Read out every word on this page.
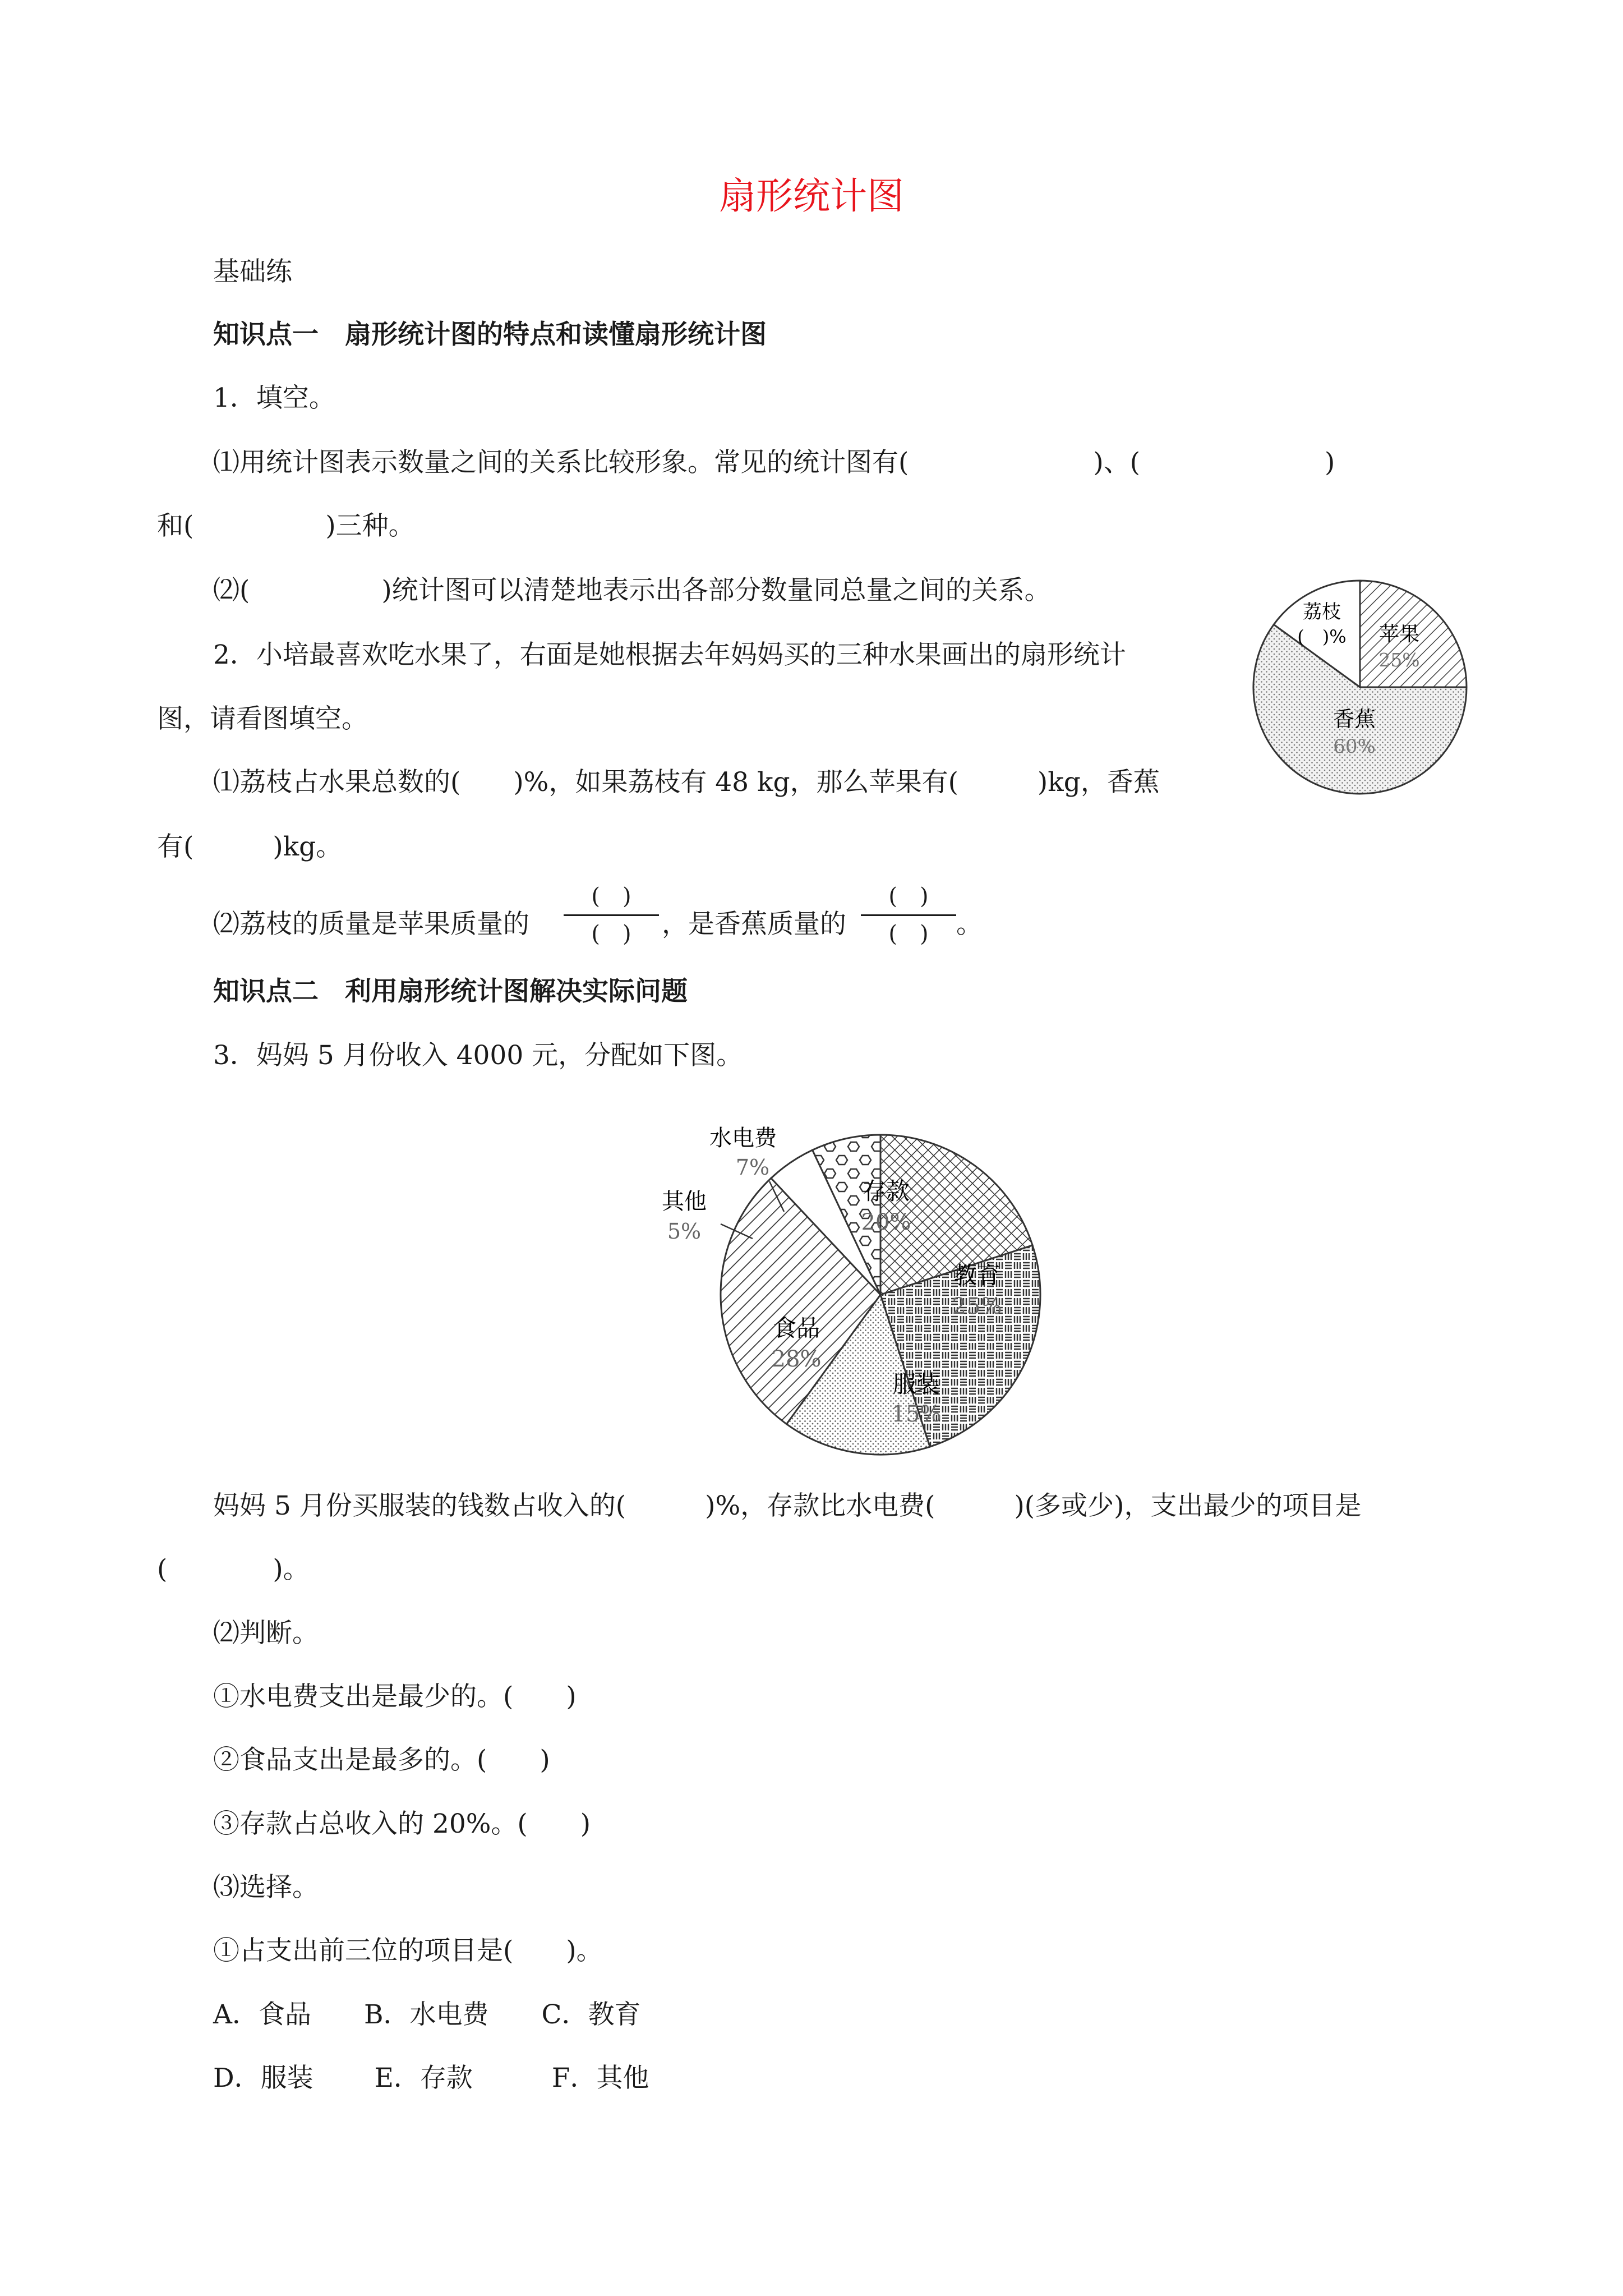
扇形统计图
基础练
知识点一　扇形统计图的特点和读懂扇形统计图
1．填空。
⑴用统计图表示数量之间的关系比较形象。常见的统计图有(　　　　　　　)、(　　　　　　　)
和(　　　　　)三种。
⑵(　　　　　)统计图可以清楚地表示出各部分数量同总量之间的关系。
2．小培最喜欢吃水果了，右面是她根据去年妈妈买的三种水果画出的扇形统计
图，请看图填空。
⑴荔枝占水果总数的(　　)%，如果荔枝有 48 kg，那么苹果有(　　　)kg，香蕉
有(　　　)kg。
⑵荔枝的质量是苹果质量的
(　)
(　)	，是香蕉质量的
(　)
(　)	。
知识点二　利用扇形统计图解决实际问题
3．妈妈 5 月份收入 4000 元，分配如下图。
妈妈 5 月份买服装的钱数占收入的(　　　)%，存款比水电费(　　　)(多或少)，支出最少的项目是
(　　　　)。
⑵判断。
①水电费支出是最少的。(　　)
②食品支出是最多的。(　　)
③存款占总收入的 20%。(　　)
⑶选择。
①占支出前三位的项目是(　　)。
A．食品　　B．水电费　　C．教育
D．服装　　 E．存款　　　F．其他
苹果
25%
香蕉
60%
荔枝
(　)%
存款
20%
教育
25%
服装
15%
食品
28%
其他
5%
水电费
7%
